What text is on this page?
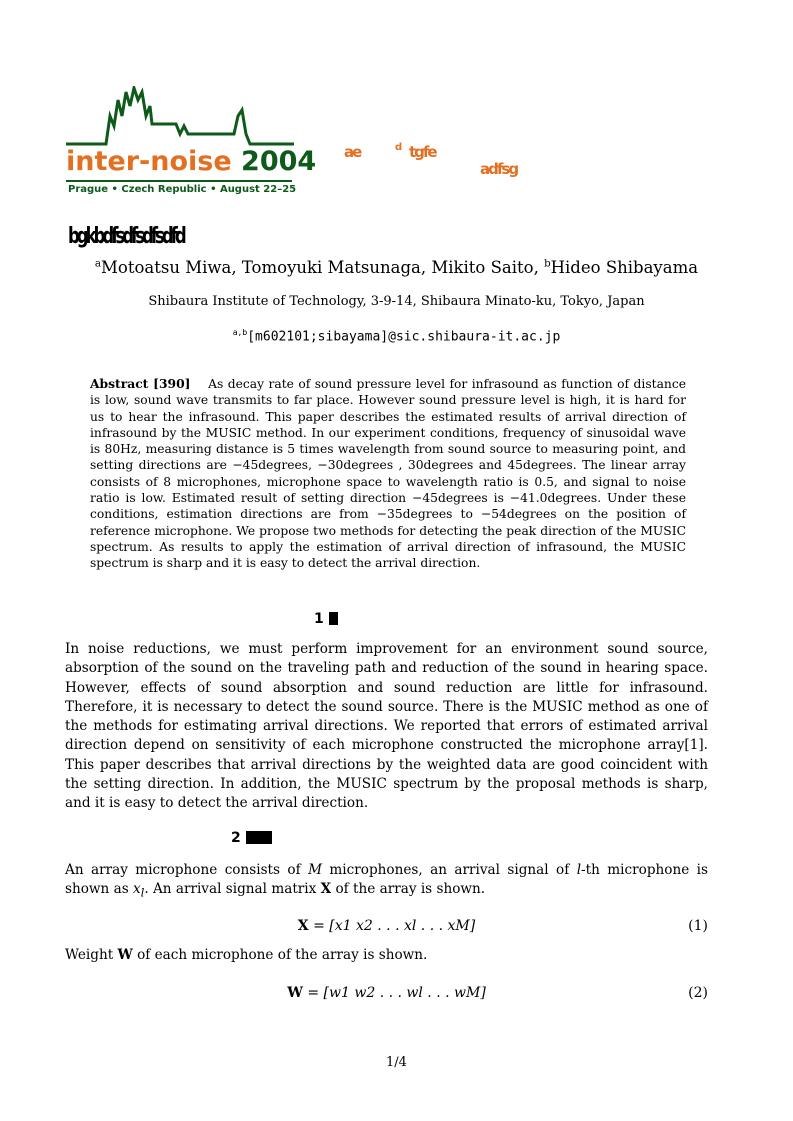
inter-noise 2004
Prague • Czech Republic • August 22–25
ae	d tgfe
adfsg
bgkbdfsdfsdfsdfd
$^a$Motoatsu Miwa, Tomoyuki Matsunaga, Mikito Saito, $^b$Hideo Shibayama
Shibaura Institute of Technology, 3-9-14, Shibaura Minato-ku, Tokyo, Japan
$^{a,b}$[m602101;sibayama]@sic.shibaura-it.ac.jp
Abstract [390] As decay rate of sound pressure level for infrasound as function of distance is low, sound wave transmits to far place. However sound pressure level is high, it is hard for us to hear the infrasound. This paper describes the estimated results of arrival direction of infrasound by the MUSIC method. In our experiment conditions, frequency of sinusoidal wave is 80Hz, measuring distance is 5 times wavelength from sound source to measuring point, and setting directions are −45degrees, −30degrees , 30degrees and 45degrees. The linear array consists of 8 microphones, microphone space to wavelength ratio is 0.5, and signal to noise ratio is low. Estimated result of setting direction −45degrees is −41.0degrees. Under these conditions, estimation directions are from −35degrees to −54degrees on the position of reference microphone. We propose two methods for detecting the peak direction of the MUSIC spectrum. As results to apply the estimation of arrival direction of infrasound, the MUSIC spectrum is sharp and it is easy to detect the arrival direction.
1
In noise reductions, we must perform improvement for an environment sound source, absorption of the sound on the traveling path and reduction of the sound in hearing space. However, effects of sound absorption and sound reduction are little for infrasound. Therefore, it is necessary to detect the sound source. There is the MUSIC method as one of the methods for estimating arrival directions. We reported that errors of estimated arrival direction depend on sensitivity of each microphone constructed the microphone array[1]. This paper describes that arrival directions by the weighted data are good coincident with the setting direction. In addition, the MUSIC spectrum by the proposal methods is sharp, and it is easy to detect the arrival direction.
2
An array microphone consists of M microphones, an arrival signal of l-th microphone is shown as $x_l$. An arrival signal matrix X of the array is shown.
X = [x1 x2 . . . xl . . . xM]	(1)
Weight W of each microphone of the array is shown.
W = [w1 w2 . . . wl . . . wM]	(2)
1/4
